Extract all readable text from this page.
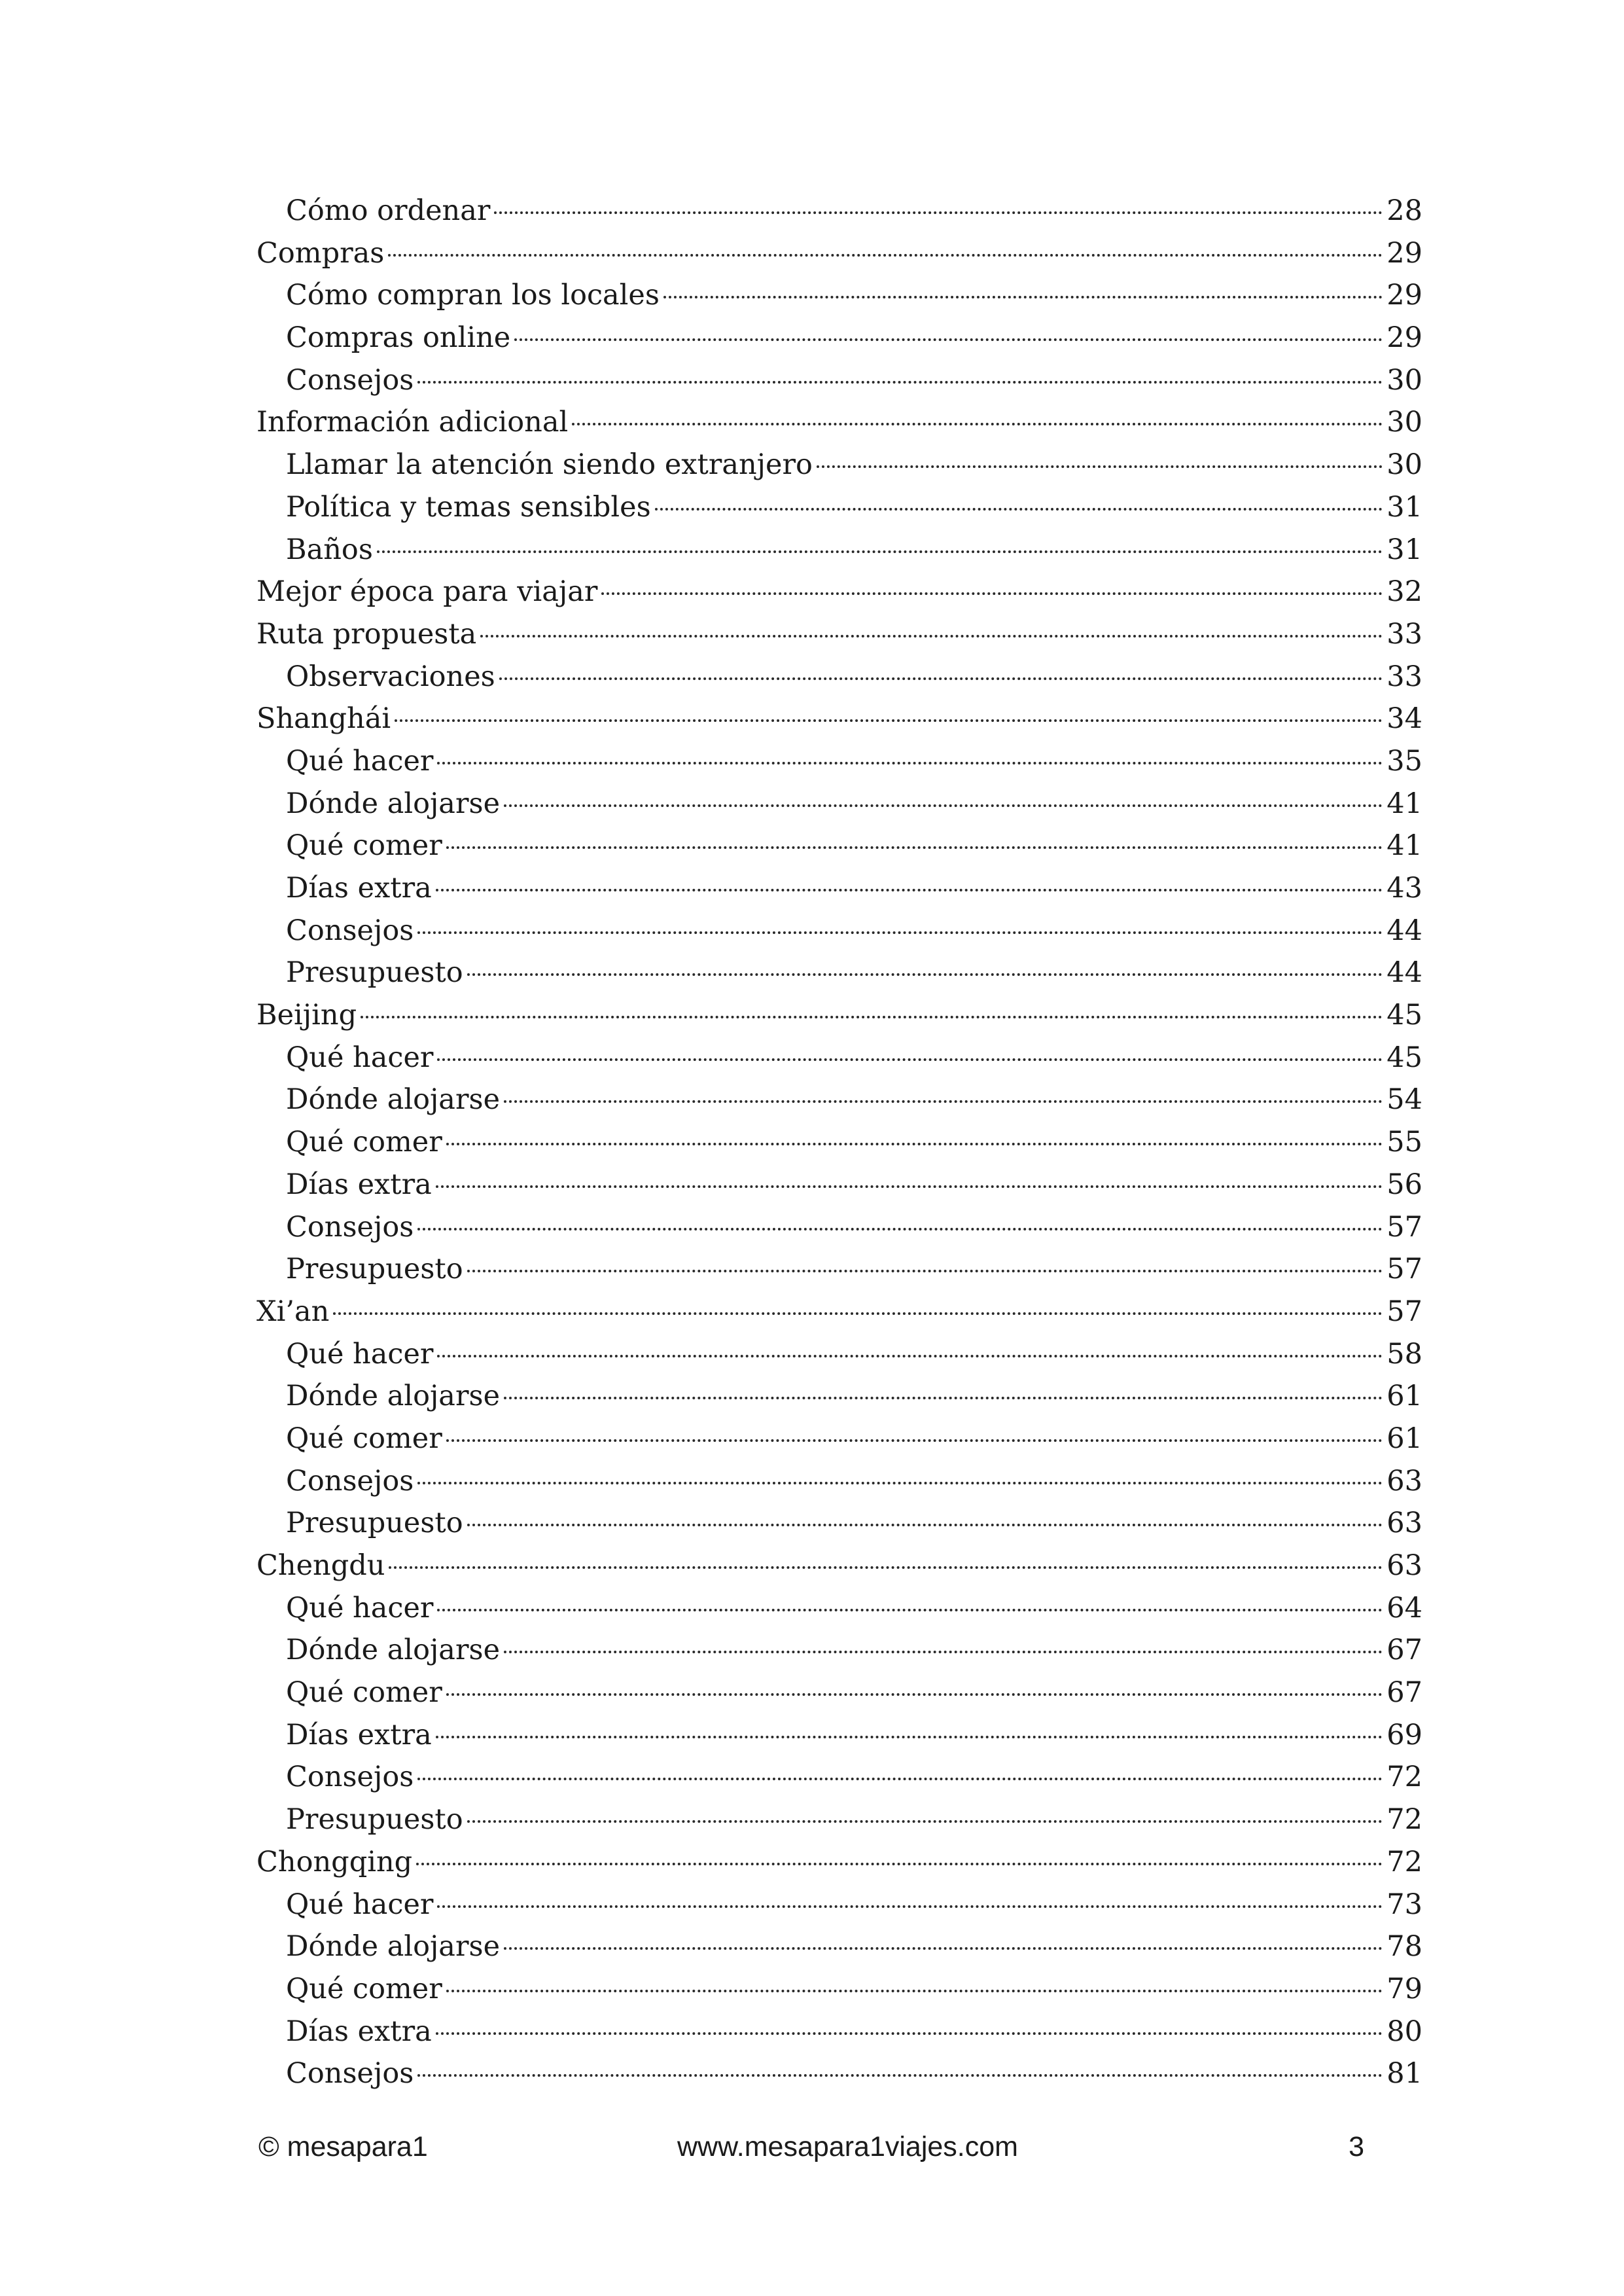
Cómo ordenar	28
Compras	29
Cómo compran los locales	29
Compras online	29
Consejos	30
Información adicional	30
Llamar la atención siendo extranjero	30
Política y temas sensibles	31
Baños	31
Mejor época para viajar	32
Ruta propuesta	33
Observaciones	33
Shanghái	34
Qué hacer	35
Dónde alojarse	41
Qué comer	41
Días extra	43
Consejos	44
Presupuesto	44
Beijing	45
Qué hacer	45
Dónde alojarse	54
Qué comer	55
Días extra	56
Consejos	57
Presupuesto	57
Xi’an	57
Qué hacer	58
Dónde alojarse	61
Qué comer	61
Consejos	63
Presupuesto	63
Chengdu	63
Qué hacer	64
Dónde alojarse	67
Qué comer	67
Días extra	69
Consejos	72
Presupuesto	72
Chongqing	72
Qué hacer	73
Dónde alojarse	78
Qué comer	79
Días extra	80
Consejos	81
© mesapara1	www.mesapara1viajes.com	3
